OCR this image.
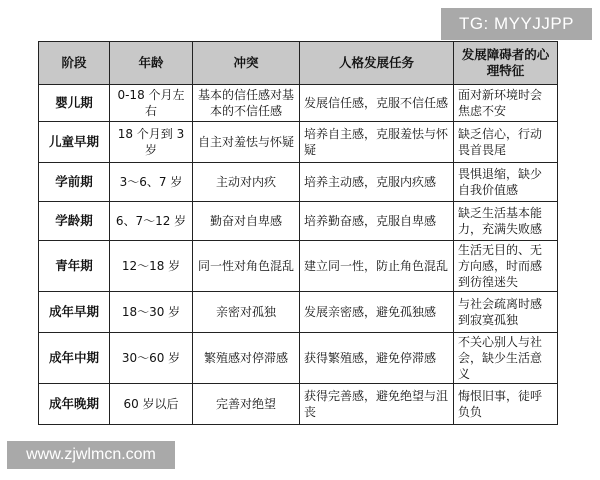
TG: MYYJJPP
阶段	年龄	冲突	人格发展任务	发展障碍者的心理特征
婴儿期	0-18 个月左右	基本的信任感对基本的不信任感	发展信任感，克服不信任感	面对新环境时会焦虑不安
儿童早期	18 个月到 3 岁	自主对羞怯与怀疑	培养自主感，克服羞怯与怀疑	缺乏信心，行动畏首畏尾
学前期	3～6、7 岁	主动对内疚	培养主动感，克服内疚感	畏惧退缩，缺少自我价值感
学龄期	6、7～12 岁	勤奋对自卑感	培养勤奋感，克服自卑感	缺乏生活基本能力，充满失败感
青年期	12～18 岁	同一性对角色混乱	建立同一性，防止角色混乱	生活无目的、无方向感，时而感到彷徨迷失
成年早期	18～30 岁	亲密对孤独	发展亲密感，避免孤独感	与社会疏离时感到寂寞孤独
成年中期	30～60 岁	繁殖感对停滞感	获得繁殖感，避免停滞感	不关心别人与社会，缺少生活意义
成年晚期	60 岁以后	完善对绝望	获得完善感，避免绝望与沮丧	悔恨旧事，徒呼负负
www.zjwlmcn.com
